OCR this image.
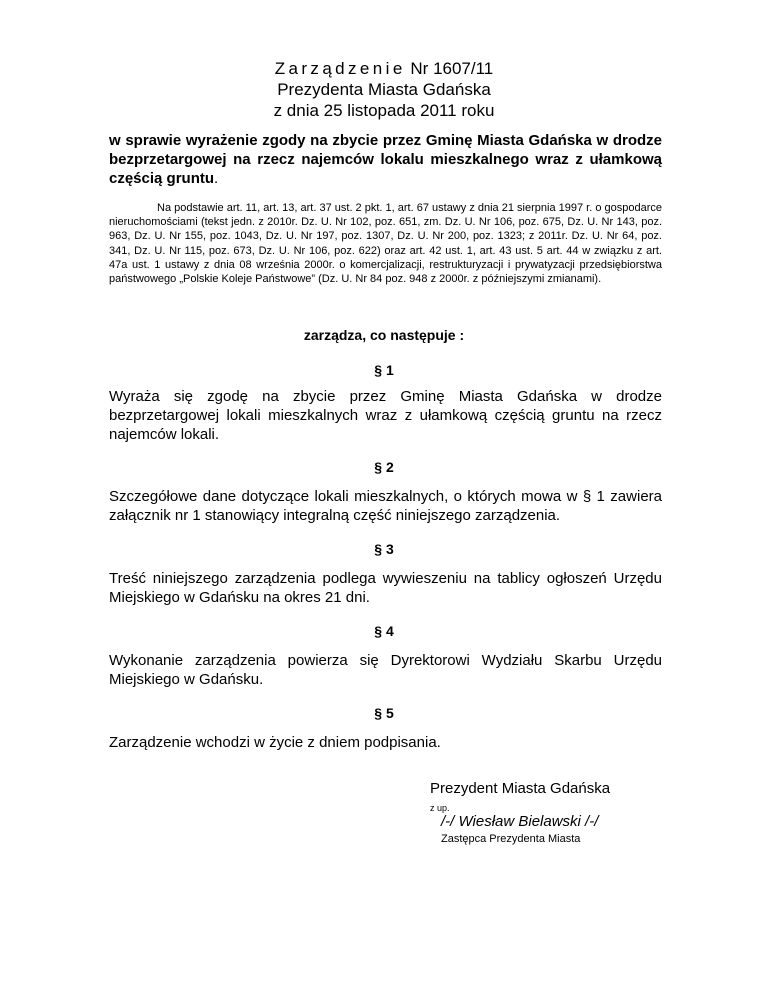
Zarządzenie Nr 1607/11
Prezydenta Miasta Gdańska
z dnia 25 listopada 2011 roku
w sprawie wyrażenie zgody na zbycie przez Gminę Miasta Gdańska w drodze bezprzetargowej na rzecz najemców lokalu mieszkalnego wraz z ułamkową częścią gruntu.
Na podstawie art. 11, art. 13, art. 37 ust. 2 pkt. 1, art. 67 ustawy z dnia 21 sierpnia 1997 r. o gospodarce nieruchomościami (tekst jedn. z 2010r. Dz. U. Nr 102, poz. 651, zm. Dz. U. Nr 106, poz. 675, Dz. U. Nr 143, poz. 963, Dz. U. Nr 155, poz. 1043, Dz. U. Nr 197, poz. 1307, Dz. U. Nr 200, poz. 1323; z 2011r. Dz. U. Nr 64, poz. 341, Dz. U. Nr 115, poz. 673, Dz. U. Nr 106, poz. 622) oraz art. 42 ust. 1, art. 43 ust. 5 art. 44 w związku z art. 47a ust. 1 ustawy z dnia 08 września 2000r. o komercjalizacji, restrukturyzacji i prywatyzacji przedsiębiorstwa państwowego „Polskie Koleje Państwowe” (Dz. U. Nr 84 poz. 948 z 2000r. z późniejszymi zmianami).
zarządza, co następuje :
§ 1
Wyraża się zgodę na zbycie przez Gminę Miasta Gdańska w drodze bezprzetargowej lokali mieszkalnych wraz z ułamkową częścią gruntu na rzecz najemców lokali.
§ 2
Szczegółowe dane dotyczące lokali mieszkalnych, o których mowa w § 1 zawiera załącznik nr 1 stanowiący integralną część niniejszego zarządzenia.
§ 3
Treść niniejszego zarządzenia podlega wywieszeniu na tablicy ogłoszeń Urzędu Miejskiego w Gdańsku na okres 21 dni.
§ 4
Wykonanie zarządzenia powierza się Dyrektorowi Wydziału Skarbu Urzędu Miejskiego w Gdańsku.
§ 5
Zarządzenie wchodzi w życie z dniem podpisania.
Prezydent Miasta Gdańska
z up.
/-/ Wiesław Bielawski /-/
Zastępca Prezydenta Miasta
